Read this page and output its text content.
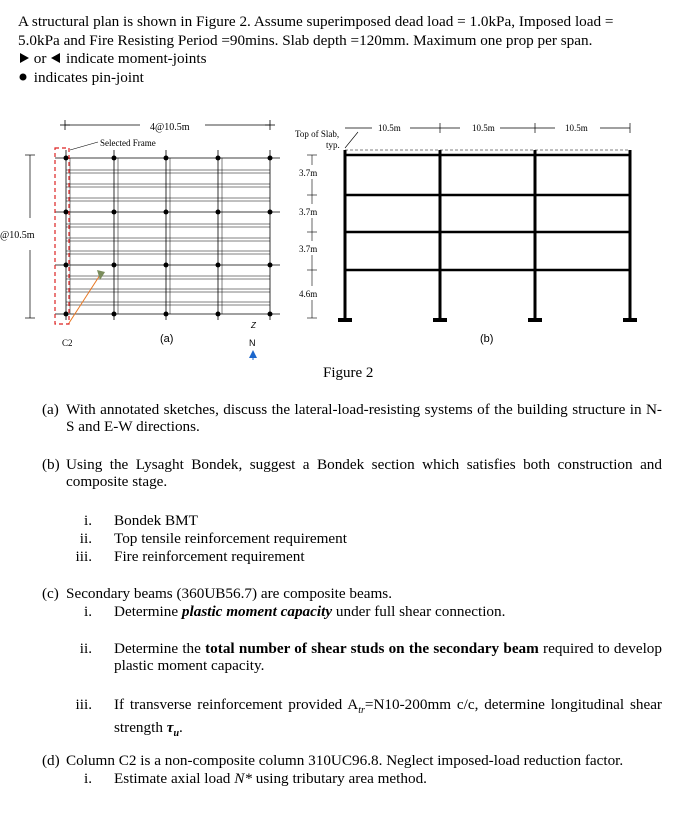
A structural plan is shown in Figure 2. Assume superimposed dead load = 1.0kPa, Imposed load =
5.0kPa and Fire Resisting Period =90mins. Slab depth =120mm. Maximum one prop per span.
or indicate moment-joints
indicates pin-joint
4@10.5m
Selected Frame
C2	(a)	N
Z
@10.5m
Top of Slab,
typ.
10.5m	10.5m	10.5m
3.7m
3.7m
3.7m
4.6m
(b)
Figure 2
(a) With annotated sketches, discuss the lateral-load-resisting systems of the building structure in N-S and E-W directions.
(b) Using the Lysaght Bondek, suggest a Bondek section which satisfies both construction and composite stage.
i. Bondek BMT
ii. Top tensile reinforcement requirement
iii. Fire reinforcement requirement
(c) Secondary beams (360UB56.7) are composite beams.
i. Determine plastic moment capacity under full shear connection.
ii. Determine the total number of shear studs on the secondary beam required to develop plastic moment capacity.
iii. If transverse reinforcement provided $A_{tr}=N10-200mm$ c/c, determine longitudinal shear strength $\tau_u$.
(d) Column C2 is a non-composite column 310UC96.8. Neglect imposed-load reduction factor.
i. Estimate axial load N* using tributary area method.
